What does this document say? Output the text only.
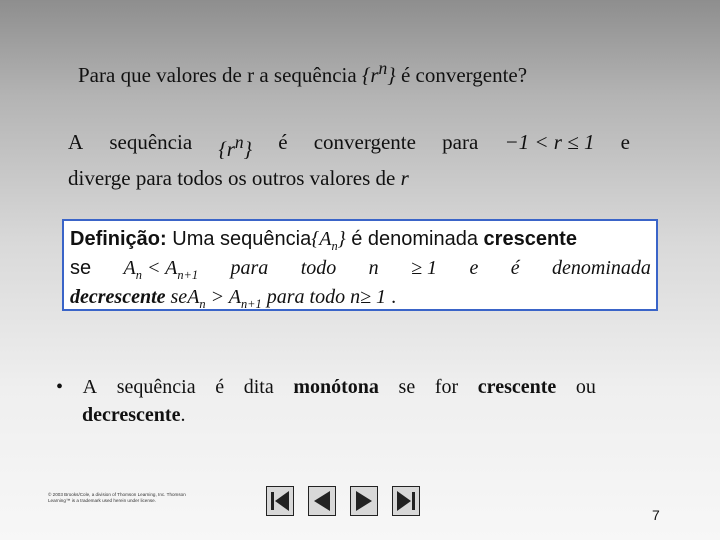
Para que valores de r a sequência $\{r^n\}$ é convergente?

A sequência $\{r^n\}$ é convergente para −1 < r ≤ 1 e
diverge para todos os outros valores de r
Definição: Uma $sequência\{A_n\}$ é denominada crescente
se $A_n < A_{n+1}$ para todo n ≥ 1 e é denominada
decrescente $seA_n > A_{n+1}$ para todo n≥ 1 .
• A sequência é dita monótona se for crescente ou
decrescente.
© 2003 Brooks/Cole, a division of Thomson Learning, Inc. Thomson
Learning™ is a trademark used herein under license.
7
